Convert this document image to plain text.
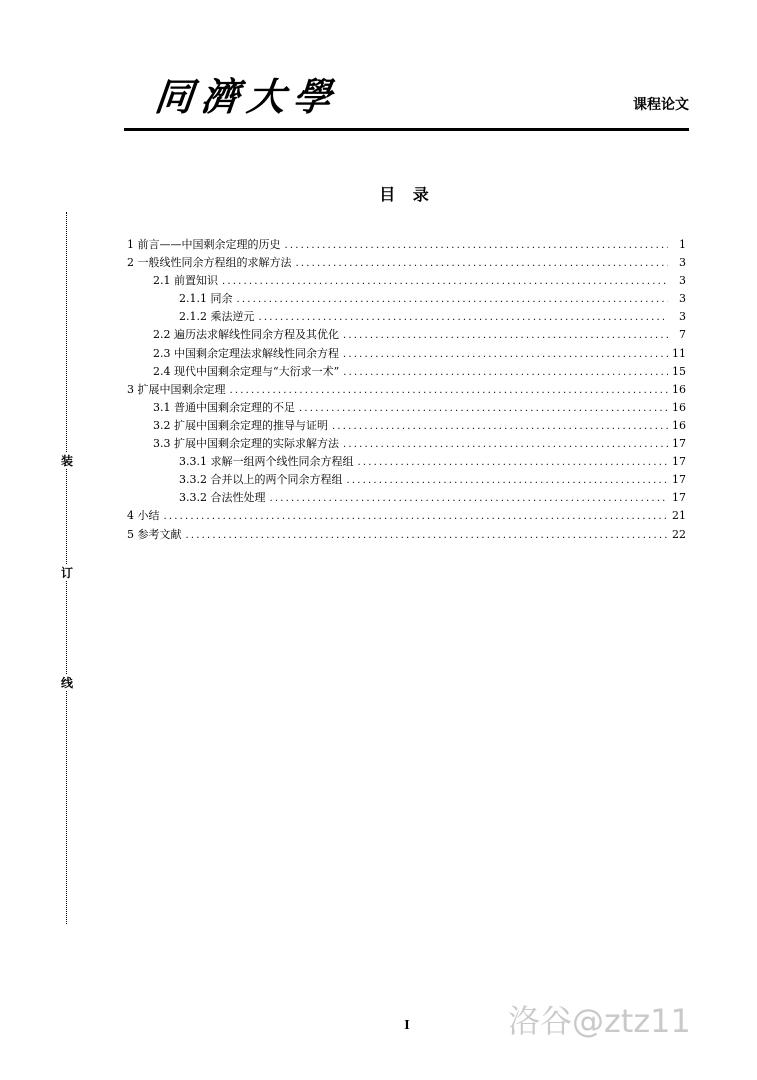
同濟大學	课程论文
装
订
线
目 录
1 前言——中国剩余定理的历史 .....	1
2 一般线性同余方程组的求解方法 .....	3
2.1 前置知识 .....	3
2.1.1 同余 .....	3
2.1.2 乘法逆元 .....	3
2.2 遍历法求解线性同余方程及其优化 .....	7
2.3 中国剩余定理法求解线性同余方程 .....	11
2.4 现代中国剩余定理与“大衍求一术” .....	15
3 扩展中国剩余定理 .....	16
3.1 普通中国剩余定理的不足 .....	16
3.2 扩展中国剩余定理的推导与证明 .....	16
3.3 扩展中国剩余定理的实际求解方法 .....	17
3.3.1 求解一组两个线性同余方程组 .....	17
3.3.2 合并以上的两个同余方程组 .....	17
3.3.2 合法性处理 .....	17
4 小结 .....	21
5 参考文献 .....	22
I	洛谷@ztz11
